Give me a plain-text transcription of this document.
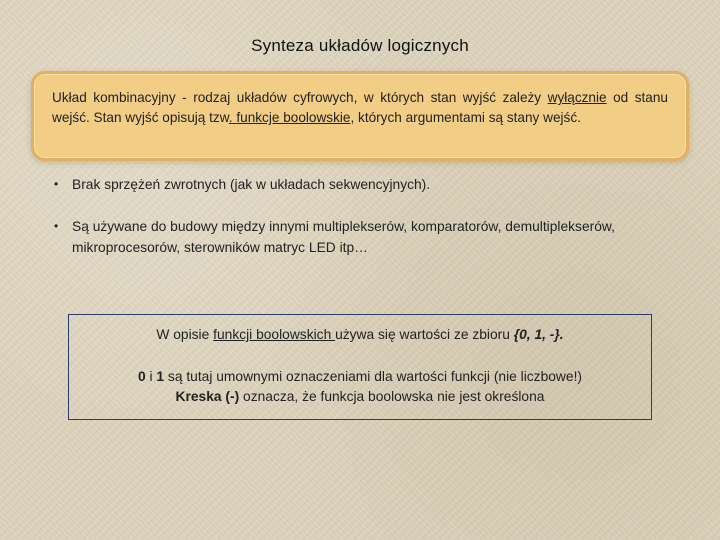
Synteza układów logicznych
Układ kombinacyjny - rodzaj układów cyfrowych, w których stan wyjść zależy wyłącznie od stanu wejść. Stan wyjść opisują tzw. funkcje boolowskie, których argumentami są stany wejść.
• Brak sprzężeń zwrotnych (jak w układach sekwencyjnych).
• Są używane do budowy między innymi multiplekserów, komparatorów, demultiplekserów, mikroprocesorów, sterowników matryc LED itp…
W opisie funkcji boolowskich używa się wartości ze zbioru {0, 1, -}.
0 i 1 są tutaj umownymi oznaczeniami dla wartości funkcji (nie liczbowe!)
Kreska (-) oznacza, że funkcja boolowska nie jest określona
